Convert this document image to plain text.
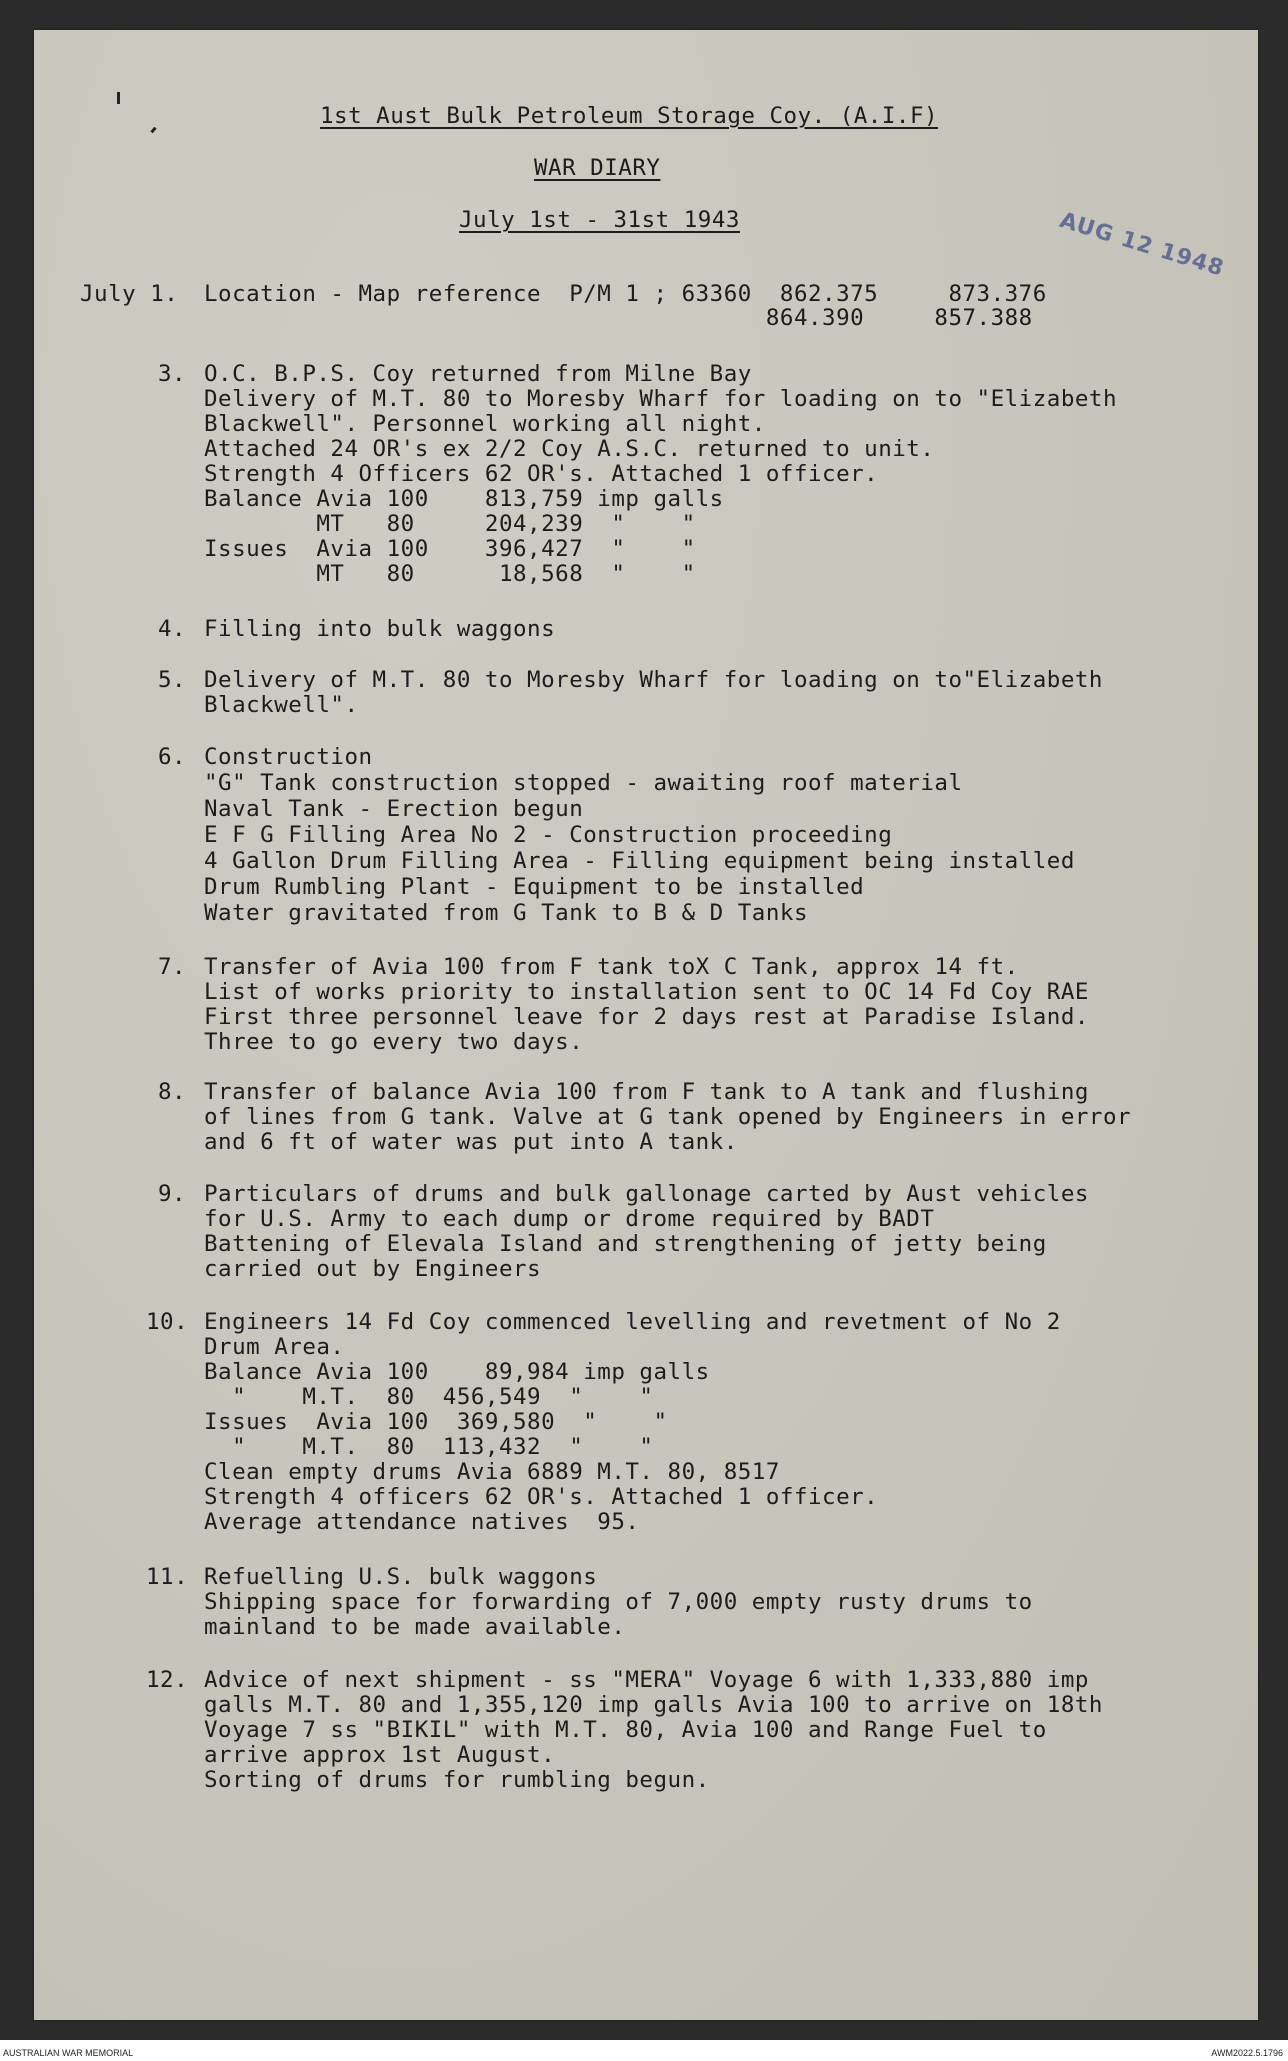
1st Aust Bulk Petroleum Storage Coy. (A.I.F)
WAR DIARY
July 1st - 31st 1943	AUG 12 1948
July 1. Location - Map reference  P/M 1 ; 63360  862.375     873.376
864.390     857.388
3. O.C. B.P.S. Coy returned from Milne Bay
Delivery of M.T. 80 to Moresby Wharf for loading on to "Elizabeth
Blackwell". Personnel working all night.
Attached 24 OR's ex 2/2 Coy A.S.C. returned to unit.
Strength 4 Officers 62 OR's. Attached 1 officer.
Balance Avia 100    813,759 imp galls
MT   80     204,239  "    "
Issues  Avia 100    396,427  "    "
MT   80      18,568  "    "
4. Filling into bulk waggons
5. Delivery of M.T. 80 to Moresby Wharf for loading on to"Elizabeth
Blackwell".
6. Construction
"G" Tank construction stopped - awaiting roof material
Naval Tank - Erection begun
E F G Filling Area No 2 - Construction proceeding
4 Gallon Drum Filling Area - Filling equipment being installed
Drum Rumbling Plant - Equipment to be installed
Water gravitated from G Tank to B & D Tanks
7. Transfer of Avia 100 from F tank toX C Tank, approx 14 ft.
List of works priority to installation sent to OC 14 Fd Coy RAE
First three personnel leave for 2 days rest at Paradise Island.
Three to go every two days.
8. Transfer of balance Avia 100 from F tank to A tank and flushing
of lines from G tank. Valve at G tank opened by Engineers in error
and 6 ft of water was put into A tank.
9. Particulars of drums and bulk gallonage carted by Aust vehicles
for U.S. Army to each dump or drome required by BADT
Battening of Elevala Island and strengthening of jetty being
carried out by Engineers
10. Engineers 14 Fd Coy commenced levelling and revetment of No 2
Drum Area.
Balance Avia 100    89,984 imp galls
"    M.T.  80  456,549  "    "
Issues  Avia 100  369,580  "    "
"    M.T.  80  113,432  "    "
Clean empty drums Avia 6889 M.T. 80, 8517
Strength 4 officers 62 OR's. Attached 1 officer.
Average attendance natives  95.
11. Refuelling U.S. bulk waggons
Shipping space for forwarding of 7,000 empty rusty drums to
mainland to be made available.
12. Advice of next shipment - ss "MERA" Voyage 6 with 1,333,880 imp
galls M.T. 80 and 1,355,120 imp galls Avia 100 to arrive on 18th
Voyage 7 ss "BIKIL" with M.T. 80, Avia 100 and Range Fuel to
arrive approx 1st August.
Sorting of drums for rumbling begun.
AUSTRALIAN WAR MEMORIAL	AWM2022.5.1796
